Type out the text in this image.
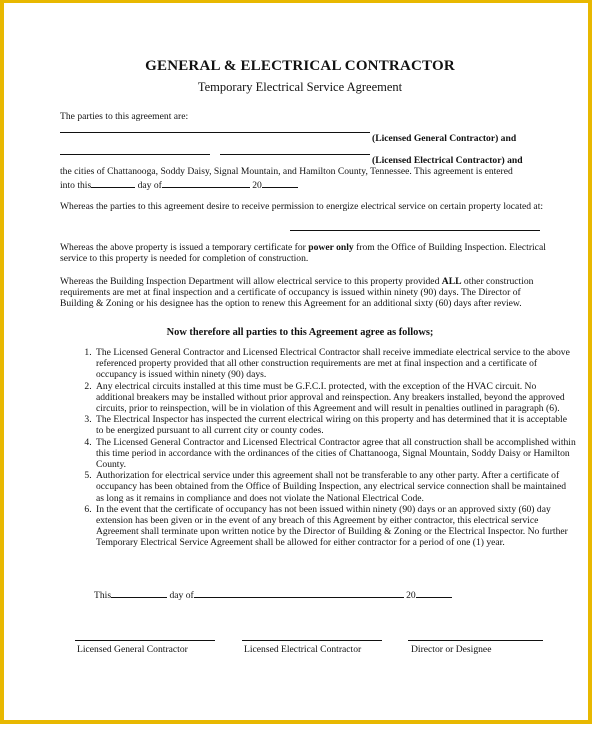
GENERAL & ELECTRICAL CONTRACTOR
Temporary Electrical Service Agreement
The parties to this agreement are:
(Licensed General Contractor) and
(Licensed Electrical Contractor) and
the cities of Chattanooga, Soddy Daisy, Signal Mountain, and Hamilton County, Tennessee. This agreement is entered
into this	day of	20
Whereas the parties to this agreement desire to receive permission to energize electrical service on certain property located at:
Whereas the above property is issued a temporary certificate for power only from the Office of Building Inspection. Electrical service to this property is needed for completion of construction.
Whereas the Building Inspection Department will allow electrical service to this property provided ALL other construction requirements are met at final inspection and a certificate of occupancy is issued within ninety (90) days. The Director of Building & Zoning or his designee has the option to renew this Agreement for an additional sixty (60) days after review.
Now therefore all parties to this Agreement agree as follows;
1. The Licensed General Contractor and Licensed Electrical Contractor shall receive immediate electrical service to the above referenced property provided that all other construction requirements are met at final inspection and a certificate of occupancy is issued within ninety (90) days.
2. Any electrical circuits installed at this time must be G.F.C.I. protected, with the exception of the HVAC circuit. No additional breakers may be installed without prior approval and reinspection. Any breakers installed, beyond the approved circuits, prior to reinspection, will be in violation of this Agreement and will result in penalties outlined in paragraph (6).
3. The Electrical Inspector has inspected the current electrical wiring on this property and has determined that it is acceptable to be energized pursuant to all current city or county codes.
4. The Licensed General Contractor and Licensed Electrical Contractor agree that all construction shall be accomplished within this time period in accordance with the ordinances of the cities of Chattanooga, Signal Mountain, Soddy Daisy or Hamilton County.
5. Authorization for electrical service under this agreement shall not be transferable to any other party. After a certificate of occupancy has been obtained from the Office of Building Inspection, any electrical service connection shall be maintained as long as it remains in compliance and does not violate the National Electrical Code.
6. In the event that the certificate of occupancy has not been issued within ninety (90) days or an approved sixty (60) day extension has been given or in the event of any breach of this Agreement by either contractor, this electrical service Agreement shall terminate upon written notice by the Director of Building & Zoning or the Electrical Inspector. No further Temporary Electrical Service Agreement shall be allowed for either contractor for a period of one (1) year.
This	day of	20
Licensed General Contractor	Licensed Electrical Contractor	Director or Designee
